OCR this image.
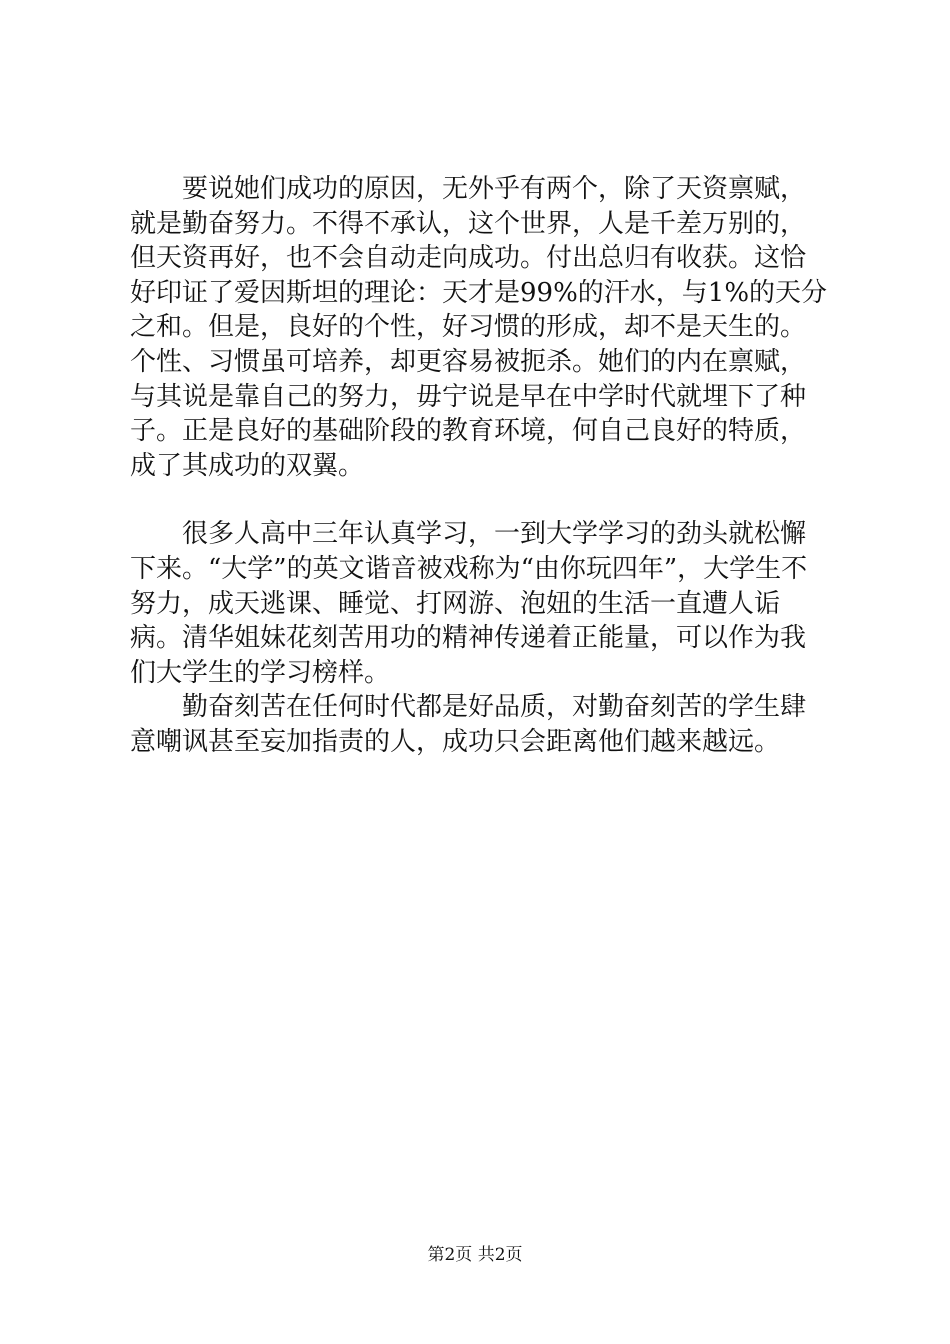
要说她们成功的原因，无外乎有两个，除了天资禀赋，就是勤奋努力。不得不承认，这个世界，人是千差万别的，但天资再好，也不会自动走向成功。付出总归有收获。这恰好印证了爱因斯坦的理论：天才是99%的汗水，与1%的天分之和。但是，良好的个性，好习惯的形成，却不是天生的。个性、习惯虽可培养，却更容易被扼杀。她们的内在禀赋，与其说是靠自己的努力，毋宁说是早在中学时代就埋下了种子。正是良好的基础阶段的教育环境，何自己良好的特质，成了其成功的双翼。

很多人高中三年认真学习，一到大学学习的劲头就松懈下来。“大学”的英文谐音被戏称为“由你玩四年”，大学生不努力，成天逃课、睡觉、打网游、泡妞的生活一直遭人诟病。清华姐妹花刻苦用功的精神传递着正能量，可以作为我们大学生的学习榜样。

勤奋刻苦在任何时代都是好品质，对勤奋刻苦的学生肆意嘲讽甚至妄加指责的人，成功只会距离他们越来越远。

第2页 共2页
